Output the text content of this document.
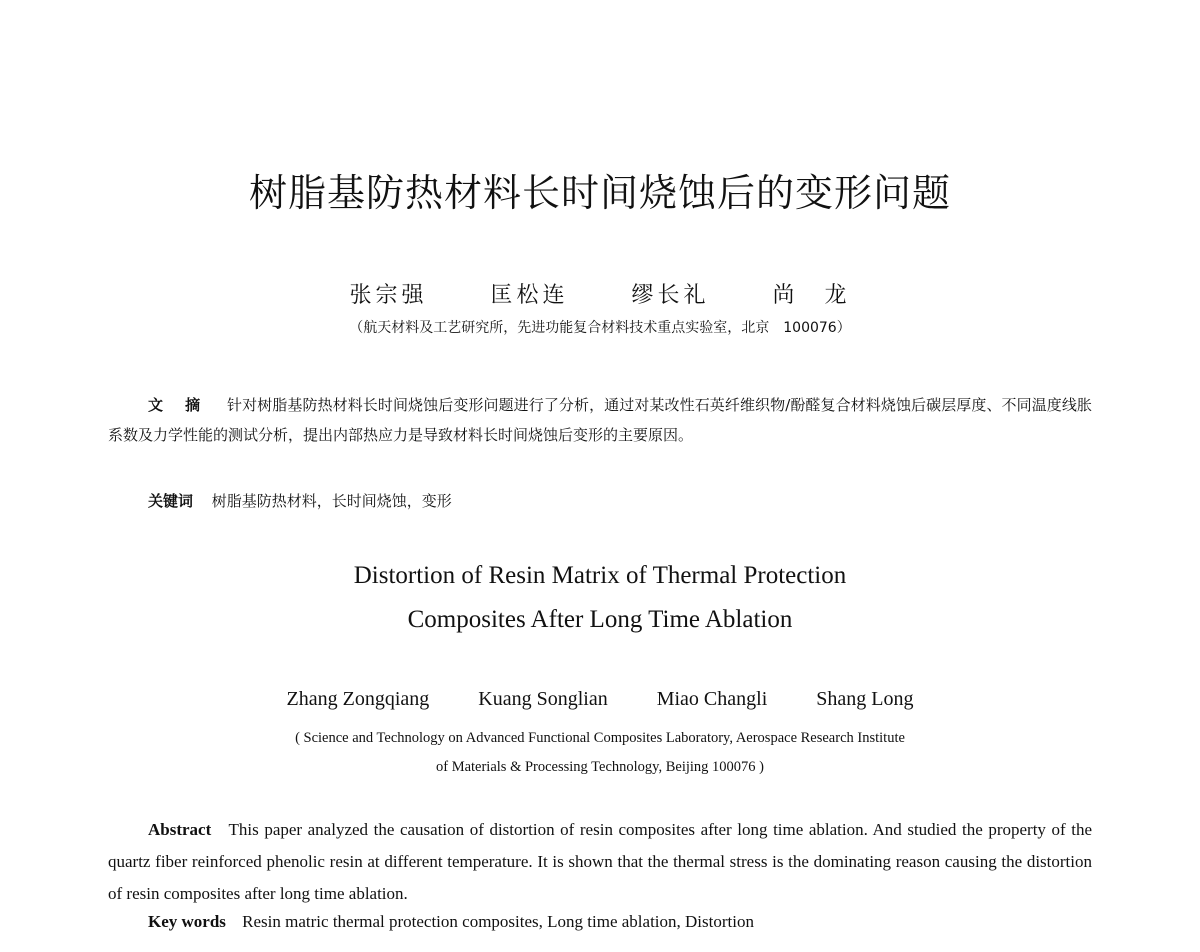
树脂基防热材料长时间烧蚀后的变形问题
张宗强	匡松连	缪长礼	尚　龙
（航天材料及工艺研究所，先进功能复合材料技术重点实验室，北京　100076）
文摘 针对树脂基防热材料长时间烧蚀后变形问题进行了分析，通过对某改性石英纤维织物/酚醛复合材料烧蚀后碳层厚度、不同温度线胀系数及力学性能的测试分析，提出内部热应力是导致材料长时间烧蚀后变形的主要原因。
关键词 树脂基防热材料，长时间烧蚀，变形
Distortion of Resin Matrix of Thermal Protection
Composites After Long Time Ablation
Zhang Zongqiang Kuang Songlian Miao Changli Shang Long
( Science and Technology on Advanced Functional Composites Laboratory, Aerospace Research Institute
of Materials & Processing Technology, Beijing 100076 )
Abstract This paper analyzed the causation of distortion of resin composites after long time ablation. And studied the property of the quartz fiber reinforced phenolic resin at different temperature. It is shown that the thermal stress is the dominating reason causing the distortion of resin composites after long time ablation.
Key words Resin matric thermal protection composites, Long time ablation, Distortion
